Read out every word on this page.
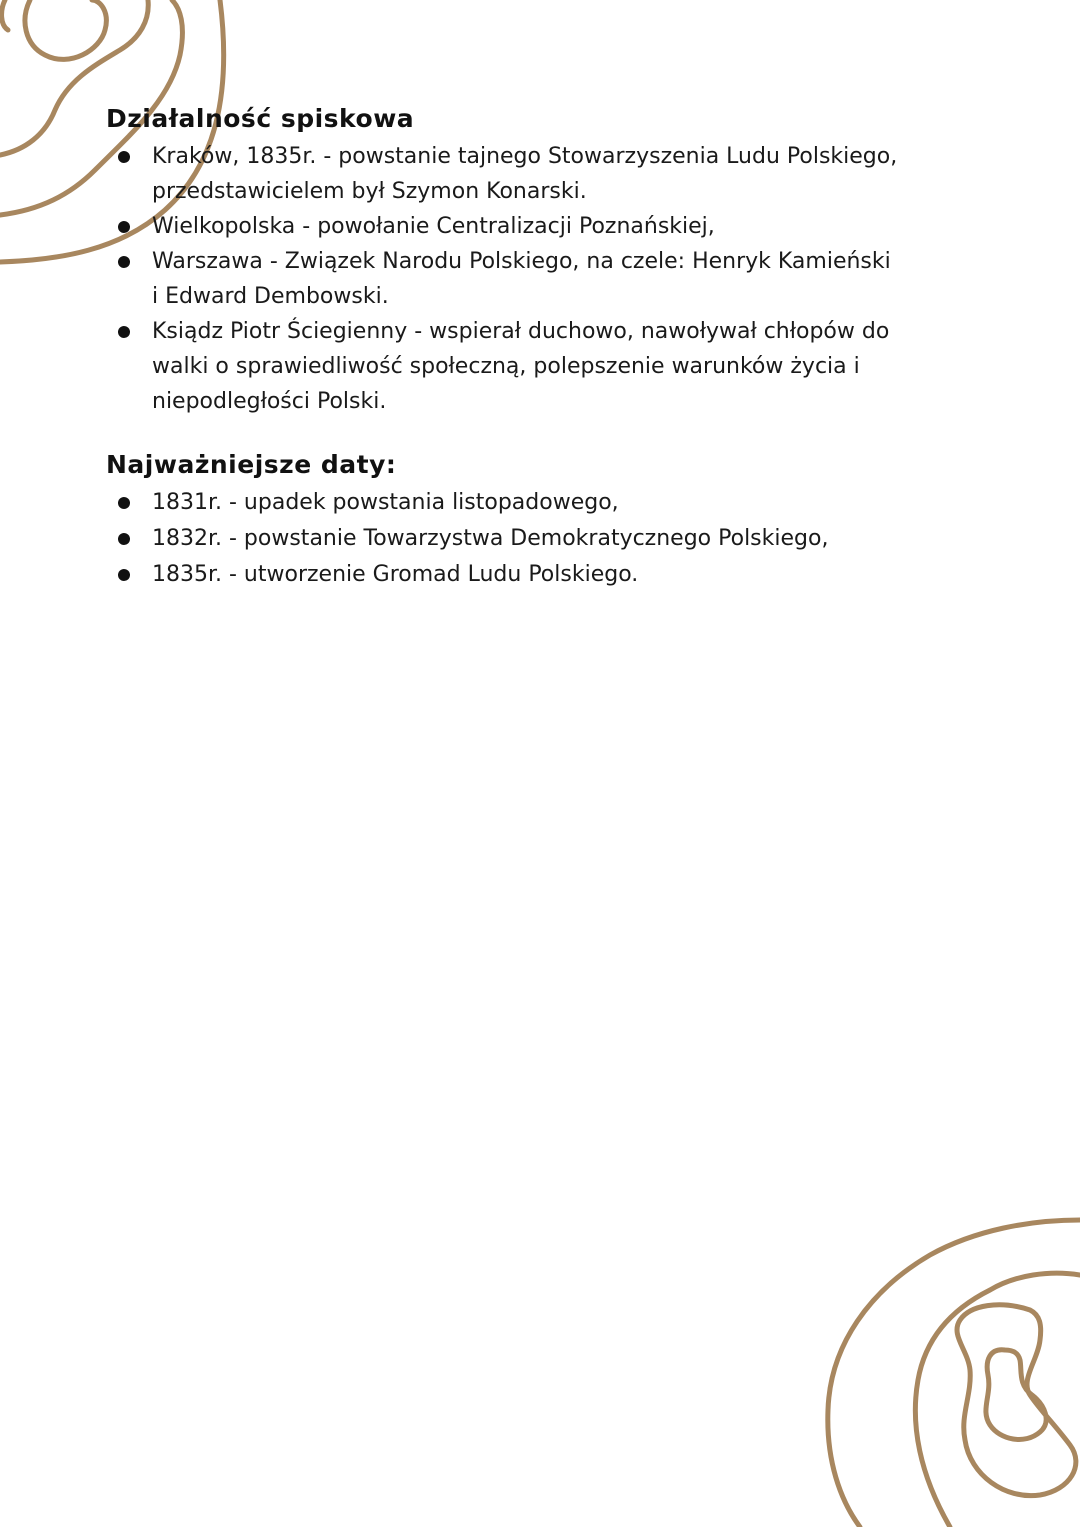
Działalność spiskowa
Kraków, 1835r. - powstanie tajnego Stowarzyszenia Ludu Polskiego,
przedstawicielem był Szymon Konarski.
Wielkopolska - powołanie Centralizacji Poznańskiej,
Warszawa - Związek Narodu Polskiego, na czele: Henryk Kamieński
i Edward Dembowski.
Ksiądz Piotr Ściegienny - wspierał duchowo, nawoływał chłopów do
walki o sprawiedliwość społeczną, polepszenie warunków życia i
niepodległości Polski.
Najważniejsze daty:
1831r. - upadek powstania listopadowego,
1832r. - powstanie Towarzystwa Demokratycznego Polskiego,
1835r. - utworzenie Gromad Ludu Polskiego.
